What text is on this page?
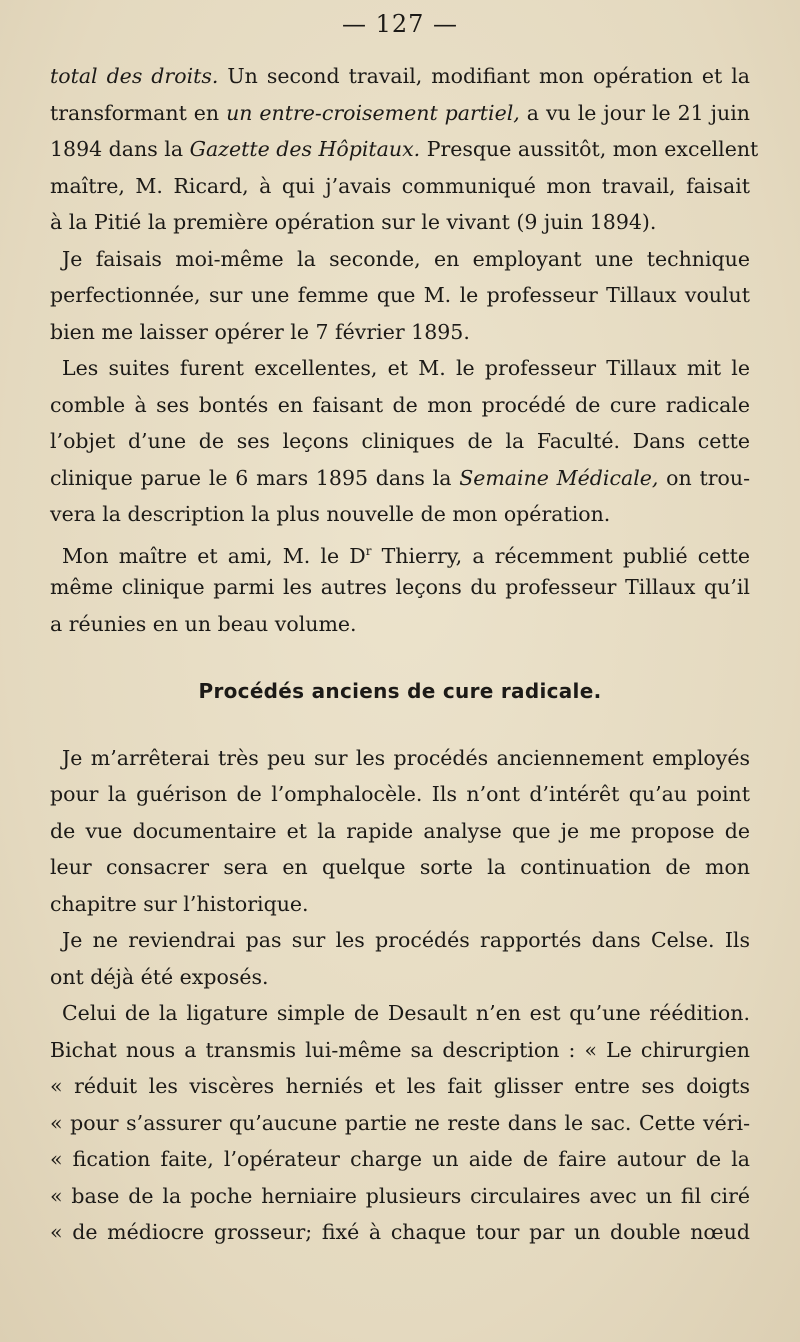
— 127 —
total des droits. Un second travail, modifiant mon opération et la
transformant en un entre-croisement partiel, a vu le jour le 21 juin
1894 dans la Gazette des Hôpitaux. Presque aussitôt, mon excellent
maître, M. Ricard, à qui j’avais communiqué mon travail, faisait
à la Pitié la première opération sur le vivant (9 juin 1894).
Je faisais moi-même la seconde, en employant une technique
perfectionnée, sur une femme que M. le professeur Tillaux voulut
bien me laisser opérer le 7 février 1895.
Les suites furent excellentes, et M. le professeur Tillaux mit le
comble à ses bontés en faisant de mon procédé de cure radicale
l’objet d’une de ses leçons cliniques de la Faculté. Dans cette
clinique parue le 6 mars 1895 dans la Semaine Médicale, on trou-
vera la description la plus nouvelle de mon opération.
Mon maître et ami, M. le $D^r$ Thierry, a récemment publié cette
même clinique parmi les autres leçons du professeur Tillaux qu’il
a réunies en un beau volume.
Procédés anciens de cure radicale.
Je m’arrêterai très peu sur les procédés anciennement employés
pour la guérison de l’omphalocèle. Ils n’ont d’intérêt qu’au point
de vue documentaire et la rapide analyse que je me propose de
leur consacrer sera en quelque sorte la continuation de mon
chapitre sur l’historique.
Je ne reviendrai pas sur les procédés rapportés dans Celse. Ils
ont déjà été exposés.
Celui de la ligature simple de Desault n’en est qu’une réédition.
Bichat nous a transmis lui-même sa description : « Le chirurgien
« réduit les viscères herniés et les fait glisser entre ses doigts
« pour s’assurer qu’aucune partie ne reste dans le sac. Cette véri-
« fication faite, l’opérateur charge un aide de faire autour de la
« base de la poche herniaire plusieurs circulaires avec un fil ciré
« de médiocre grosseur; fixé à chaque tour par un double nœud
